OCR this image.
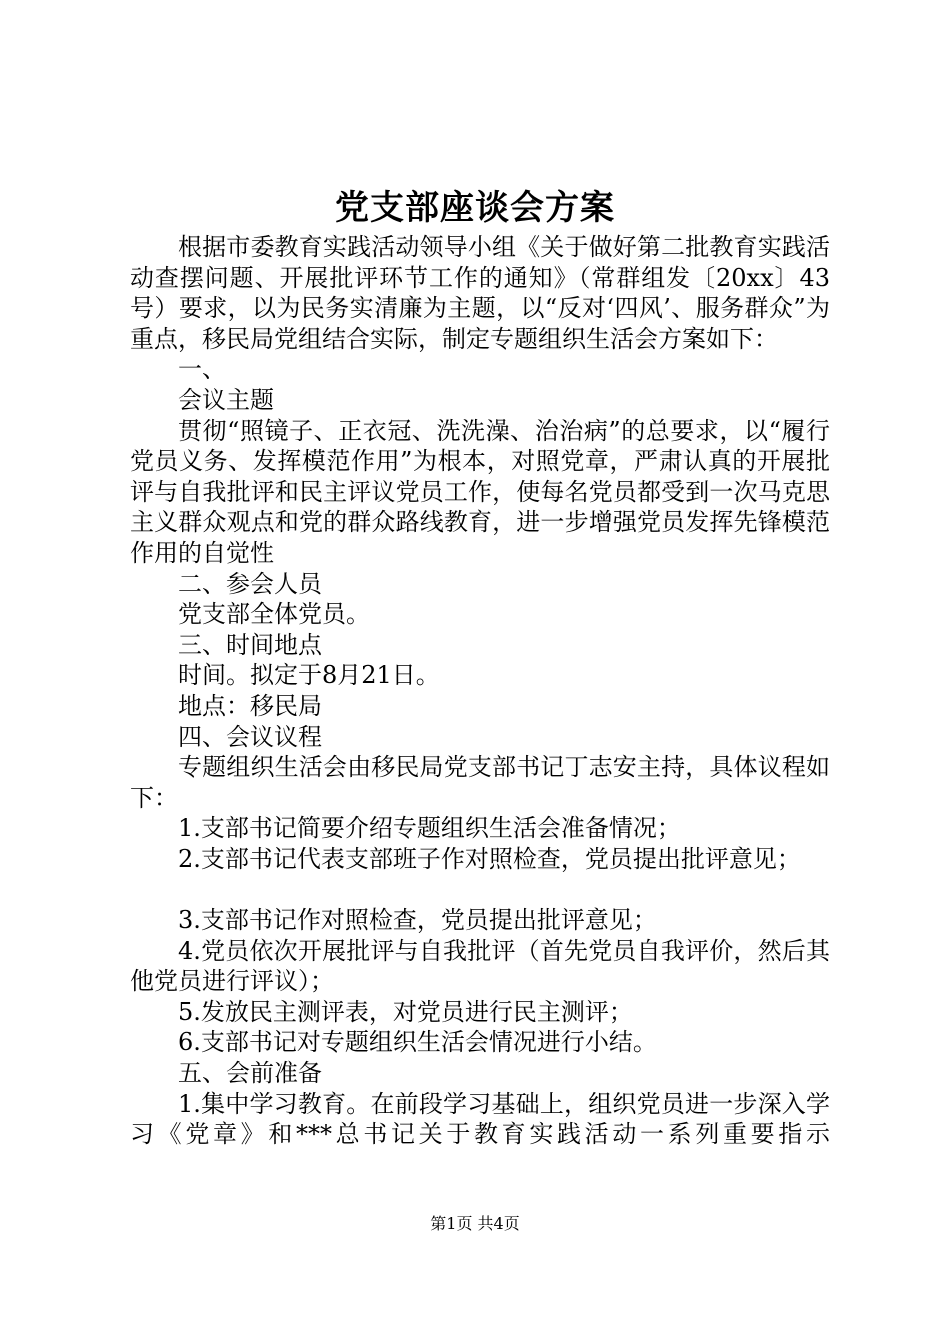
党支部座谈会方案

根据市委教育实践活动领导小组《关于做好第二批教育实践活动查摆问题、开展批评环节工作的通知》（常群组发〔20xx〕43号）要求，以为民务实清廉为主题，以“反对‘四风’、服务群众”为重点，移民局党组结合实际，制定专题组织生活会方案如下：

一、

会议主题

贯彻“照镜子、正衣冠、洗洗澡、治治病”的总要求，以“履行党员义务、发挥模范作用”为根本，对照党章，严肃认真的开展批评与自我批评和民主评议党员工作，使每名党员都受到一次马克思主义群众观点和党的群众路线教育，进一步增强党员发挥先锋模范作用的自觉性

二、参会人员

党支部全体党员。

三、时间地点

时间。拟定于8月21日。

地点：移民局

四、会议议程

专题组织生活会由移民局党支部书记丁志安主持，具体议程如下：

1.支部书记简要介绍专题组织生活会准备情况；

2.支部书记代表支部班子作对照检查，党员提出批评意见；

3.支部书记作对照检查，党员提出批评意见；

4.党员依次开展批评与自我批评（首先党员自我评价，然后其他党员进行评议）；

5.发放民主测评表，对党员进行民主测评；

6.支部书记对专题组织生活会情况进行小结。

五、会前准备

1.集中学习教育。在前段学习基础上，组织党员进一步深入学习《党章》和***总书记关于教育实践活动一系列重要指示

第1页 共4页
